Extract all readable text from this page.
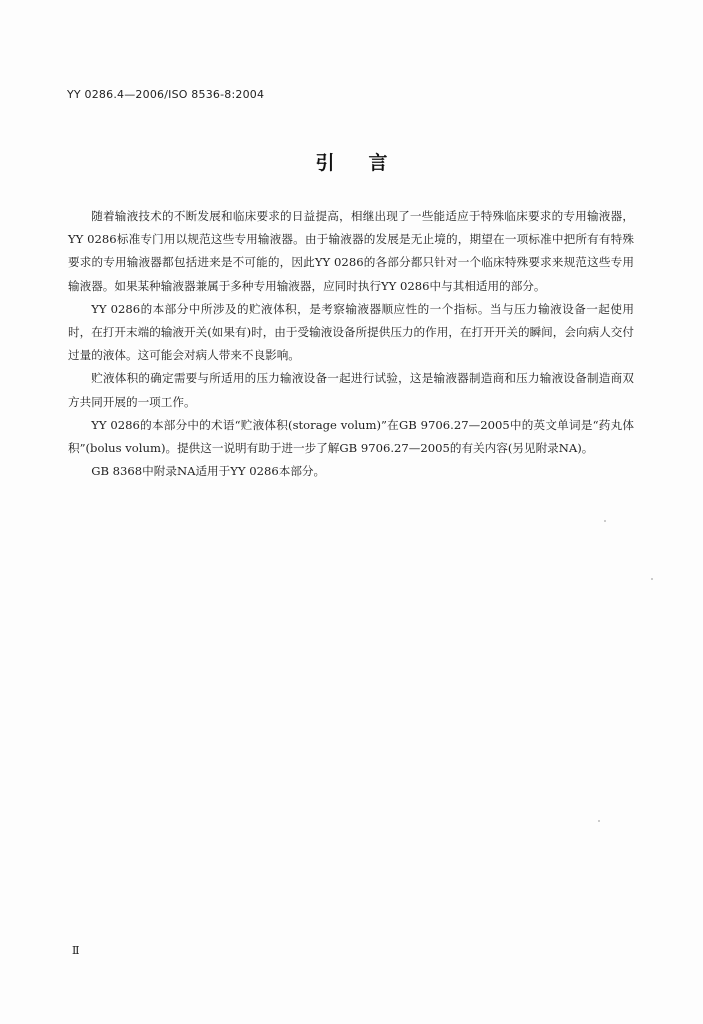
YY 0286.4—2006/ISO 8536-8:2004
引言

随着输液技术的不断发展和临床要求的日益提高，相继出现了一些能适应于特殊临床要求的专用输液器，YY 0286标准专门用以规范这些专用输液器。由于输液器的发展是无止境的，期望在一项标准中把所有有特殊要求的专用输液器都包括进来是不可能的，因此YY 0286的各部分都只针对一个临床特殊要求来规范这些专用输液器。如果某种输液器兼属于多种专用输液器，应同时执行YY 0286中与其相适用的部分。

YY 0286的本部分中所涉及的贮液体积，是考察输液器顺应性的一个指标。当与压力输液设备一起使用时，在打开末端的输液开关(如果有)时，由于受输液设备所提供压力的作用，在打开开关的瞬间，会向病人交付过量的液体。这可能会对病人带来不良影响。

贮液体积的确定需要与所适用的压力输液设备一起进行试验，这是输液器制造商和压力输液设备制造商双方共同开展的一项工作。

YY 0286的本部分中的术语“贮液体积(storage volum)”在GB 9706.27—2005中的英文单词是“药丸体积”(bolus volum)。提供这一说明有助于进一步了解GB 9706.27—2005的有关内容(另见附录NA)。

GB 8368中附录NA适用于YY 0286本部分。

Ⅱ
